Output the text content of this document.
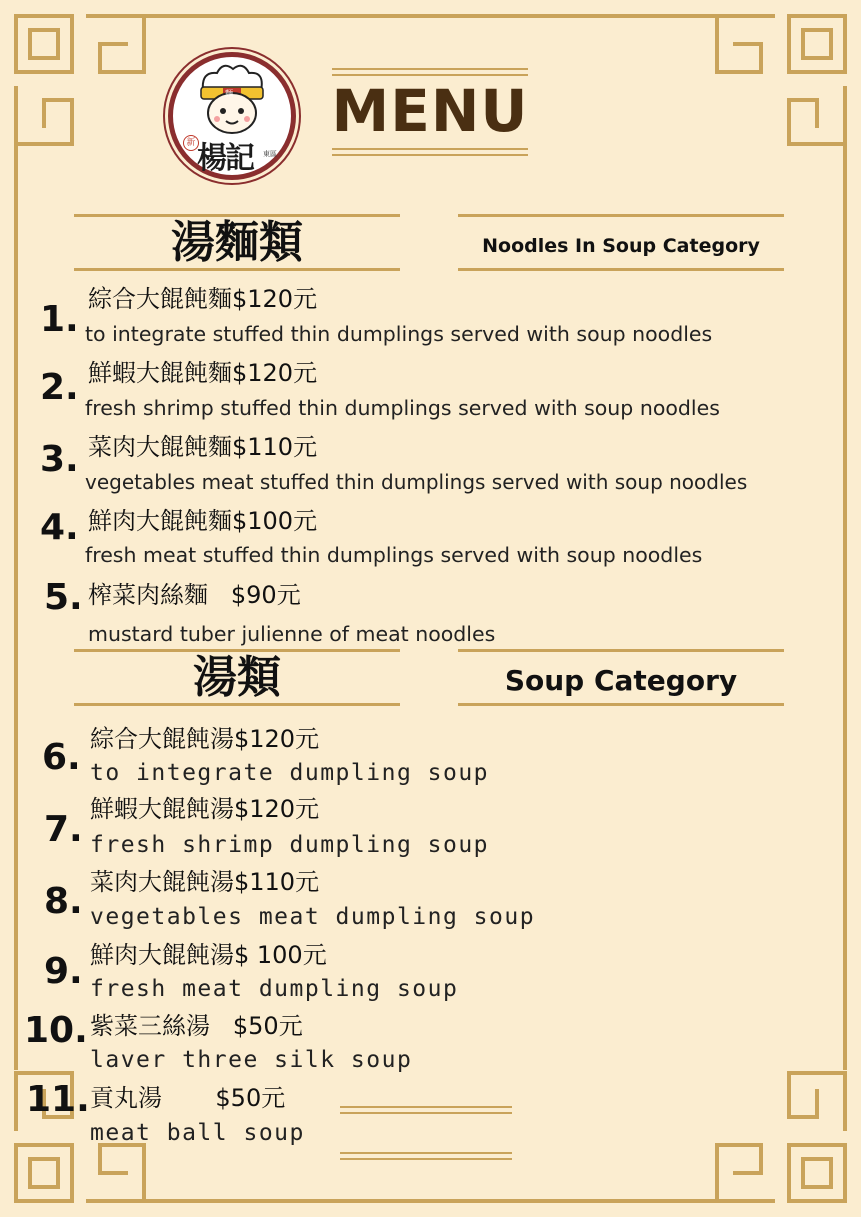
麵
新 楊記 東區
MENU
湯麵類	Noodles In Soup Category
1. 綜合大餛飩麵$120元
to integrate stuffed thin dumplings served with soup noodles
2. 鮮蝦大餛飩麵$120元
fresh shrimp stuffed thin dumplings served with soup noodles
3. 菜肉大餛飩麵$110元
vegetables meat stuffed thin dumplings served with soup noodles
4. 鮮肉大餛飩麵$100元
fresh meat stuffed thin dumplings served with soup noodles
5. 榨菜肉絲麵   $90元
mustard tuber julienne of meat noodles
湯類	Soup Category
6. 綜合大餛飩湯$120元
to integrate dumpling soup
7. 鮮蝦大餛飩湯$120元
fresh shrimp dumpling soup
8. 菜肉大餛飩湯$110元
vegetables meat dumpling soup
9. 鮮肉大餛飩湯$ 100元
fresh meat dumpling soup
10. 紫菜三絲湯   $50元
laver three silk soup
11. 貢丸湯       $50元
meat ball soup
